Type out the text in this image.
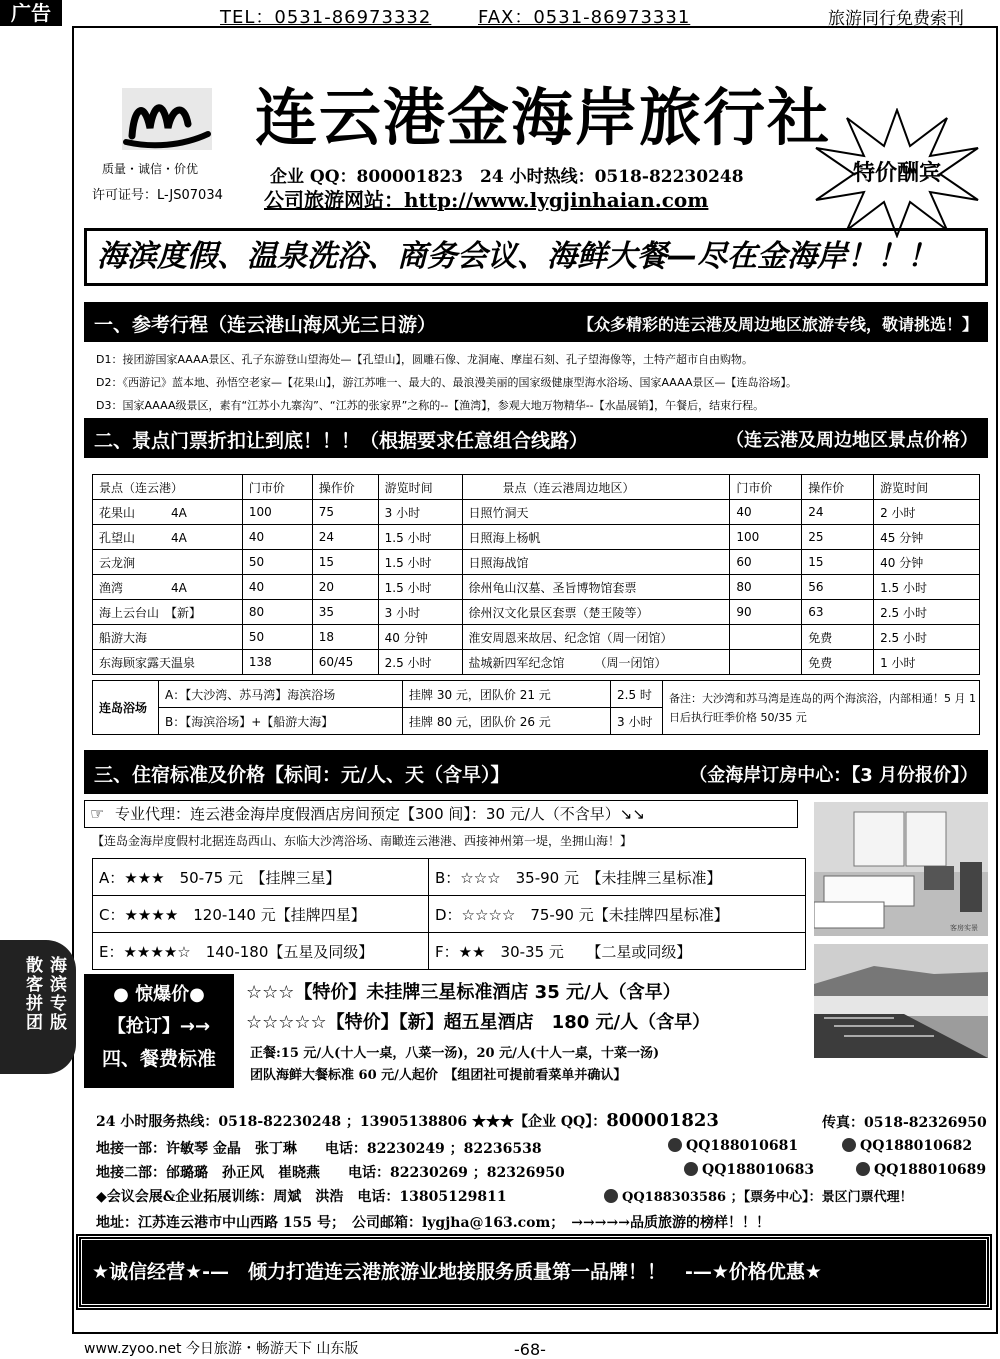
广告	TEL：0531-86973332	FAX：0531-86973331	旅游同行免费索刊
质量・诚信・价优
许可证号：L-JS07034
连云港金海岸旅行社
企业 QQ：800001823　24 小时热线：0518-82230248
公司旅游网站：http://www.lygjinhaian.com
特价酬宾
海滨度假、温泉洗浴、商务会议、海鲜大餐—尽在金海岸！！！
一、参考行程（连云港山海风光三日游）	【众多精彩的连云港及周边地区旅游专线，敬请挑选！】
D1：接团游国家AAAA景区、孔子东游登山望海处—【孔望山】，圆雕石像、龙洞庵、摩崖石刻、孔子望海像等，土特产超市自由购物。
D2：《西游记》蓝本地、孙悟空老家—【花果山】，游江苏唯一、最大的、最浪漫美丽的国家级健康型海水浴场、国家AAAA景区—【连岛浴场】。
D3：国家AAAA级景区，素有“江苏小九寨沟”、“江苏的张家界”之称的--【渔湾】，参观大地万物精华--【水晶展销】，午餐后，结束行程。
二、景点门票折扣让到底！！！（根据要求任意组合线路）	（连云港及周边地区景点价格）
景点（连云港）	门市价	操作价	游览时间	景点（连云港周边地区）	门市价	操作价	游览时间
花果山　　　4A	100	75	3 小时	日照竹洞天	40	24	2 小时
孔望山　　　4A	40	24	1.5 小时	日照海上杨帆	100	25	45 分钟
云龙涧	50	15	1.5 小时	日照海战馆	60	15	40 分钟
渔湾　　　　4A	40	20	1.5 小时	徐州龟山汉墓、圣旨博物馆套票	80	56	1.5 小时
海上云台山　【新】	80	35	3 小时	徐州汉文化景区套票（楚王陵等）	90	63	2.5 小时
船游大海	50	18	40 分钟	淮安周恩来故居、纪念馆（周一闭馆）		免费	2.5 小时
东海顾家露天温泉	138	60/45	2.5 小时	盐城新四军纪念馆　　　（周一闭馆）		免费	1 小时
连岛浴场	A：【大沙湾、苏马湾】海滨浴场	挂牌 30 元，团队价 21 元	2.5 时	备注：大沙湾和苏马湾是连岛的两个海滨浴，内部相通！5 月 1 日后执行旺季价格 50/35 元
	B：【海滨浴场】+【船游大海】	挂牌 80 元，团队价 26 元	3 小时	
三、住宿标准及价格【标间：元/人、天（含早）】	（金海岸订房中心：【3 月份报价】）
专业代理：连云港金海岸度假酒店房间预定【300 间】：30 元/人（不含早）↘↘
☞
【连岛金海岸度假村北据连岛西山、东临大沙湾浴场、南瞰连云港港、西接神州第一堤，坐拥山海！】
A：★★★　50-75 元　【挂牌三星】	B：☆☆☆　35-90 元　【未挂牌三星标准】
C：★★★★　120-140 元【挂牌四星】	D：☆☆☆☆　75-90 元【未挂牌四星标准】
E：★★★★☆　140-180【五星及同级】	F：★★　30-35 元　　【二星或同级】
客房实景
散客拼团 海滨专版	● 惊爆价●
【抢订】→→
四、餐费标准
☆☆☆【特价】未挂牌三星标准酒店 35 元/人（含早）
☆☆☆☆☆【特价】【新】超五星酒店　180 元/人（含早）
正餐:15 元/人(十人一桌，八菜一汤)，20 元/人(十人一桌，十菜一汤)
团队海鲜大餐标准 60 元/人起价　【组团社可提前看菜单并确认】
24 小时服务热线：0518-82230248 ；13905138806 ★★★【企业 QQ】：800001823	传真：0518-82326950
地接一部：许敏琴 金晶　张丁琳　　电话：82230249 ；82236538	QQ188010681	QQ188010682
地接二部：邰璐璐　孙正风　崔晓燕　　电话：82230269 ；82326950	QQ188010683	QQ188010689
◆会议会展&企业拓展训练：周斌　洪浩　电话：13805129811	QQ188303586 ；【票务中心】：景区门票代理！
地址：江苏连云港市中山西路 155 号；　公司邮箱：lygjha@163.com；　→→→→→品质旅游的榜样！！！
★诚信经营★-—　倾力打造连云港旅游业地接服务质量第一品牌！！　-—★价格优惠★
www.zyoo.net 今日旅游・畅游天下 山东版	-68-
